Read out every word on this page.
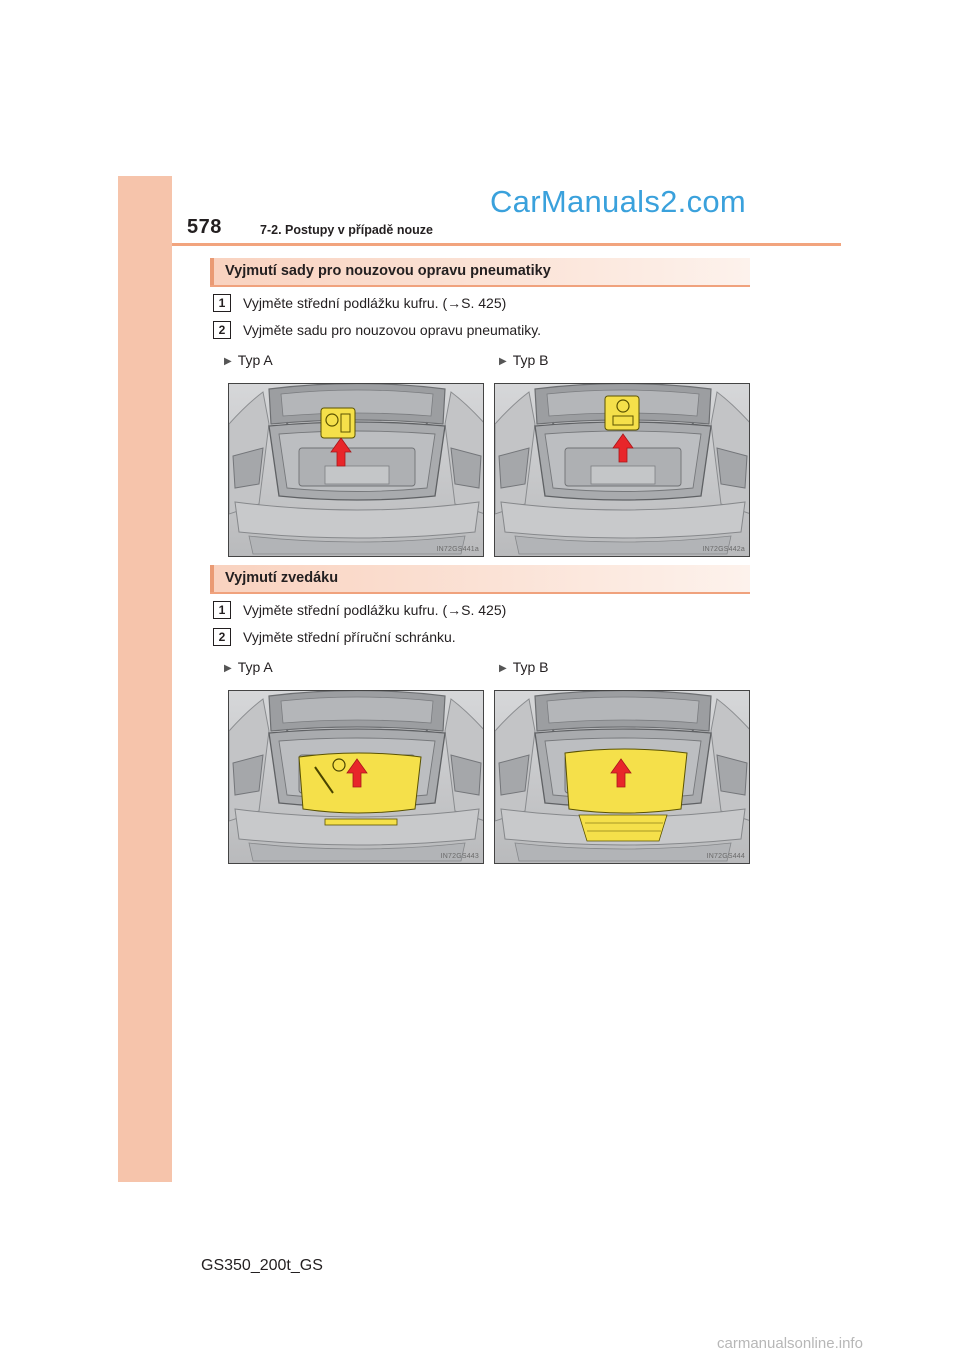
578	7-2. Postupy v případě nouze
CarManuals2.com
Vyjmutí sady pro nouzovou opravu pneumatiky
1	Vyjměte střední podlážku kufru. (→S. 425)
2	Vyjměte sadu pro nouzovou opravu pneumatiky.
▶ Typ A	▶ Typ B
IN72GS441a	IN72GS442a
Vyjmutí zvedáku
1	Vyjměte střední podlážku kufru. (→S. 425)
2	Vyjměte střední příruční schránku.
▶ Typ A	▶ Typ B
IN72GS443	IN72GS444
GS350_200t_GS
carmanualsonline.info
